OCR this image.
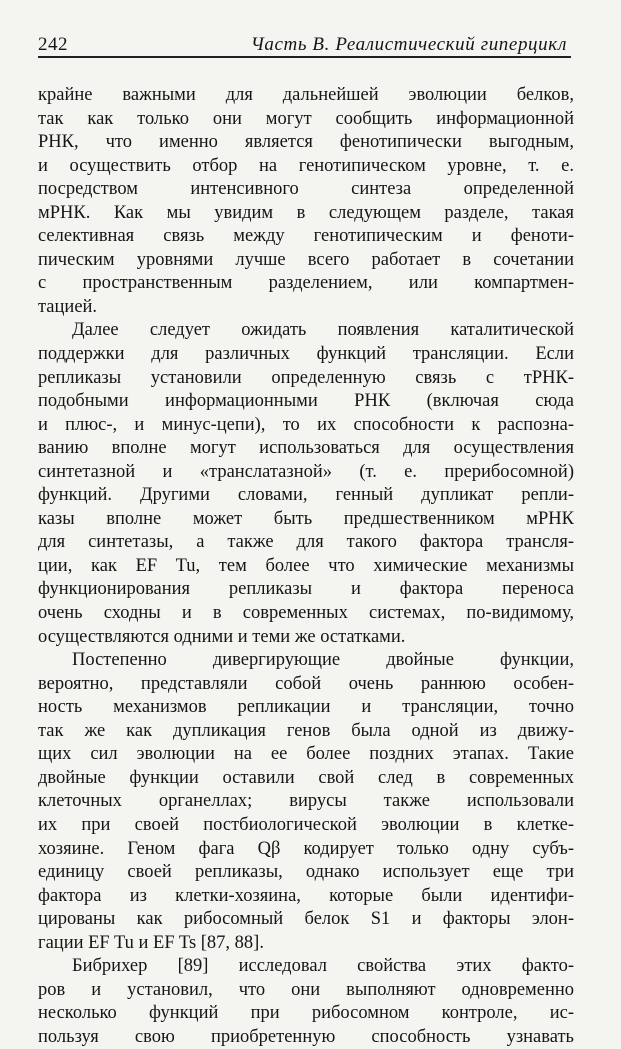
242	Часть В. Реалистический гиперцикл
крайне важными для дальнейшей эволюции белков,
так как только они могут сообщить информационной
РНК, что именно является фенотипически выгодным,
и осуществить отбор на генотипическом уровне, т. е.
посредством интенсивного синтеза определенной
мРНК. Как мы увидим в следующем разделе, такая
селективная связь между генотипическим и феноти-
пическим уровнями лучше всего работает в сочетании
с пространственным разделением, или компартмен-
тацией.
Далее следует ожидать появления каталитической
поддержки для различных функций трансляции. Если
репликазы установили определенную связь с тРНК-
подобными информационными РНК (включая сюда
и плюс-, и минус-цепи), то их способности к распозна-
ванию вполне могут использоваться для осуществления
синтетазной и «транслатазной» (т. е. прерибосомной)
функций. Другими словами, генный дупликат репли-
казы вполне может быть предшественником мРНК
для синтетазы, а также для такого фактора трансля-
ции, как EF Tu, тем более что химические механизмы
функционирования репликазы и фактора переноса
очень сходны и в современных системах, по-видимому,
осуществляются одними и теми же остатками.
Постепенно дивергирующие двойные функции,
вероятно, представляли собой очень раннюю особен-
ность механизмов репликации и трансляции, точно
так же как дупликация генов была одной из движу-
щих сил эволюции на ее более поздних этапах. Такие
двойные функции оставили свой след в современных
клеточных органеллах; вирусы также использовали
их при своей постбиологической эволюции в клетке-
хозяине. Геном фага Qβ кодирует только одну субъ-
единицу своей репликазы, однако использует еще три
фактора из клетки-хозяина, которые были идентифи-
цированы как рибосомный белок S1 и факторы элон-
гации EF Tu и EF Ts [87, 88].
Бибрихер [89] исследовал свойства этих факто-
ров и установил, что они выполняют одновременно
несколько функций при рибосомном контроле, ис-
пользуя свою приобретенную способность узнавать
